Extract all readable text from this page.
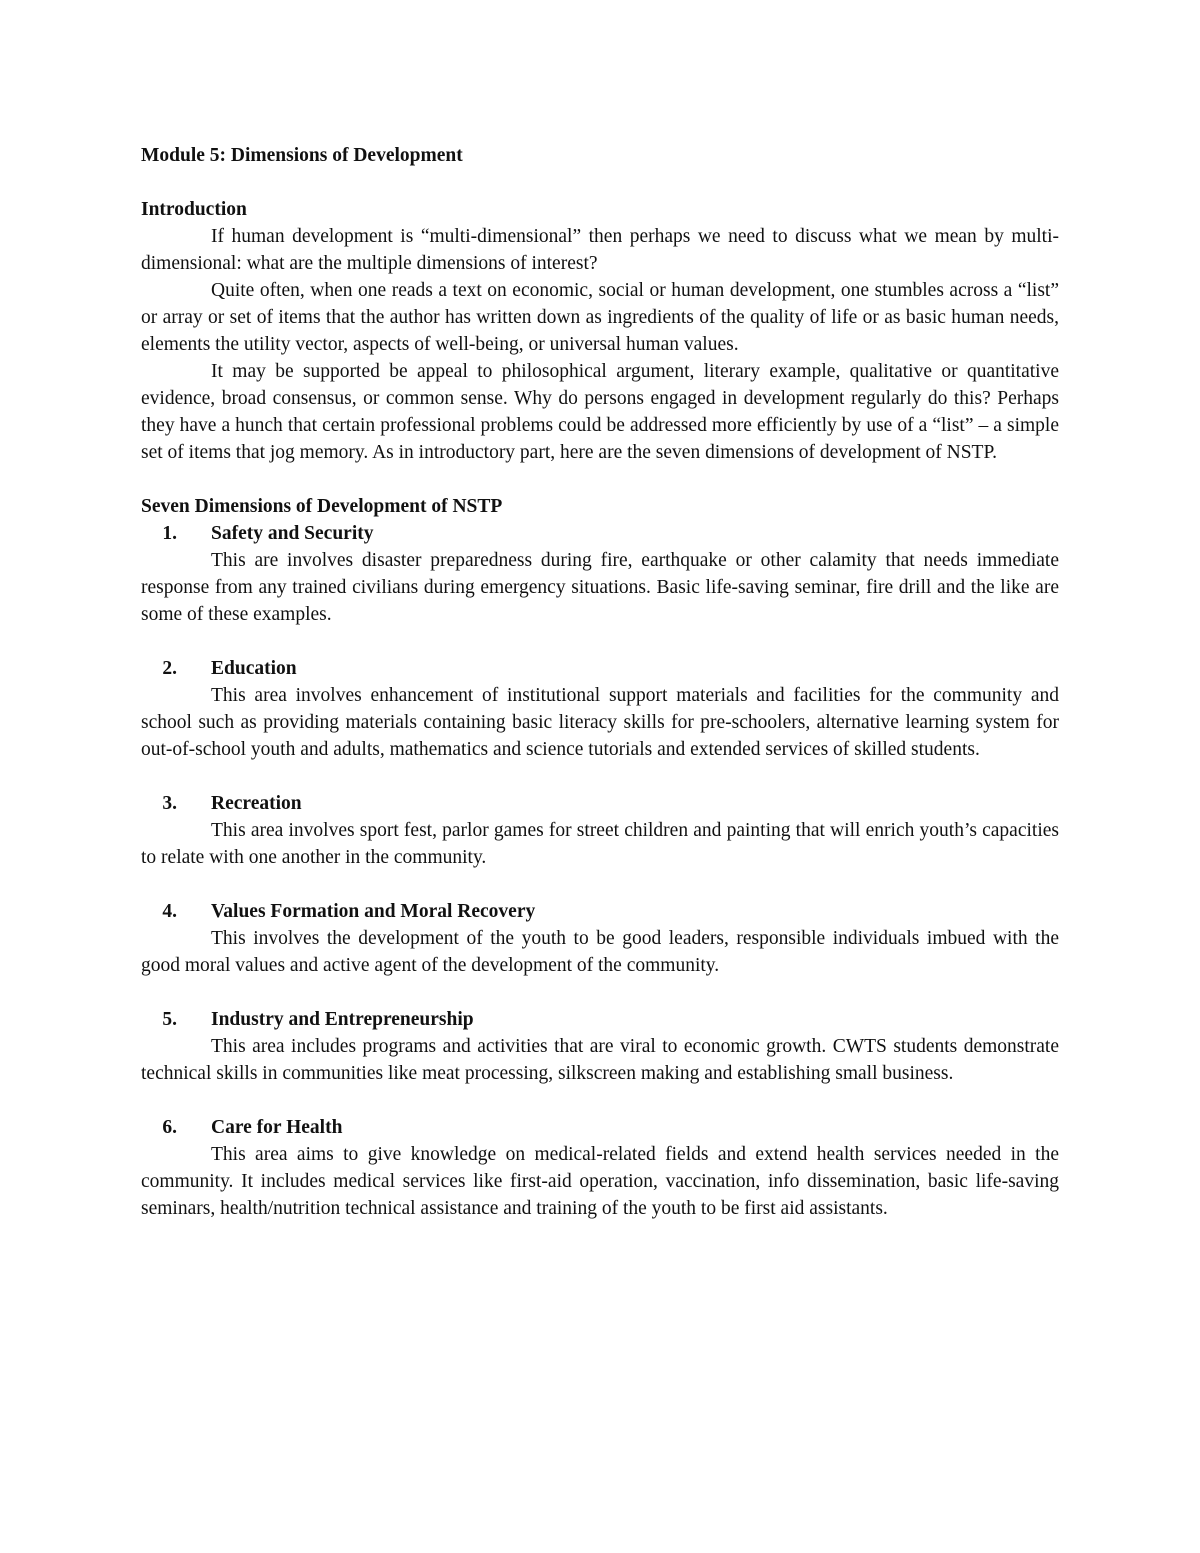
Module 5: Dimensions of Development

Introduction

If human development is “multi-dimensional” then perhaps we need to discuss what we mean by multi-dimensional: what are the multiple dimensions of interest?

Quite often, when one reads a text on economic, social or human development, one stumbles across a “list” or array or set of items that the author has written down as ingredients of the quality of life or as basic human needs, elements the utility vector, aspects of well-being, or universal human values.

It may be supported be appeal to philosophical argument, literary example, qualitative or quantitative evidence, broad consensus, or common sense. Why do persons engaged in development regularly do this? Perhaps they have a hunch that certain professional problems could be addressed more efficiently by use of a “list” – a simple set of items that jog memory. As in introductory part, here are the seven dimensions of development of NSTP.

Seven Dimensions of Development of NSTP

1.	Safety and Security

This are involves disaster preparedness during fire, earthquake or other calamity that needs immediate response from any trained civilians during emergency situations. Basic life-saving seminar, fire drill and the like are some of these examples.

2.	Education

This area involves enhancement of institutional support materials and facilities for the community and school such as providing materials containing basic literacy skills for pre-schoolers, alternative learning system for out-of-school youth and adults, mathematics and science tutorials and extended services of skilled students.

3.	Recreation

This area involves sport fest, parlor games for street children and painting that will enrich youth’s capacities to relate with one another in the community.

4.	Values Formation and Moral Recovery

This involves the development of the youth to be good leaders, responsible individuals imbued with the good moral values and active agent of the development of the community.

5.	Industry and Entrepreneurship

This area includes programs and activities that are viral to economic growth. CWTS students demonstrate technical skills in communities like meat processing, silkscreen making and establishing small business.

6.	Care for Health

This area aims to give knowledge on medical-related fields and extend health services needed in the community. It includes medical services like first-aid operation, vaccination, info dissemination, basic life-saving seminars, health/nutrition technical assistance and training of the youth to be first aid assistants.
